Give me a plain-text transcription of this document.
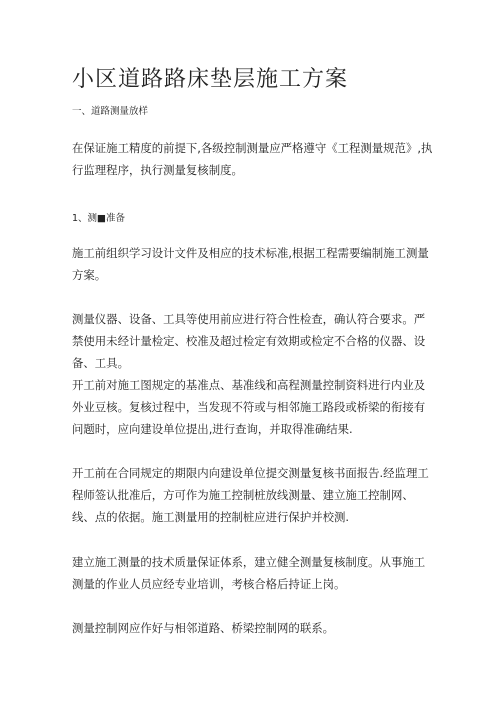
小区道路路床垫层施工方案
一、道路测量放样

在保证施工精度的前提下,各级控制测量应严格遵守《工程测量规范》,执行监理程序，执行测量复核制度。

1、测■准备

施工前组织学习设计文件及相应的技术标准,根据工程需要编制施工测量方案。

测量仪器、设备、工具等使用前应进行符合性检查，确认符合要求。严禁使用未经计量检定、校准及超过检定有效期或检定不合格的仪器、设备、工具。

开工前对施工图规定的基准点、基准线和高程测量控制资料进行内业及外业豆核。复核过程中，当发现不符或与相邻施工路段或桥梁的衔接有问题时，应向建设单位提出,进行查询，并取得准确结果.

开工前在合同规定的期限内向建设单位提交测量复核书面报告.经监理工程师签认批准后，方可作为施工控制桩放线测量、建立施工控制网、线、点的依据。施工测量用的控制桩应进行保护并校测.

建立施工测量的技术质量保证体系，建立健全测量复核制度。从事施工测量的作业人员应经专业培训，考核合格后持证上岗。

测量控制网应作好与相邻道路、桥梁控制网的联系。
